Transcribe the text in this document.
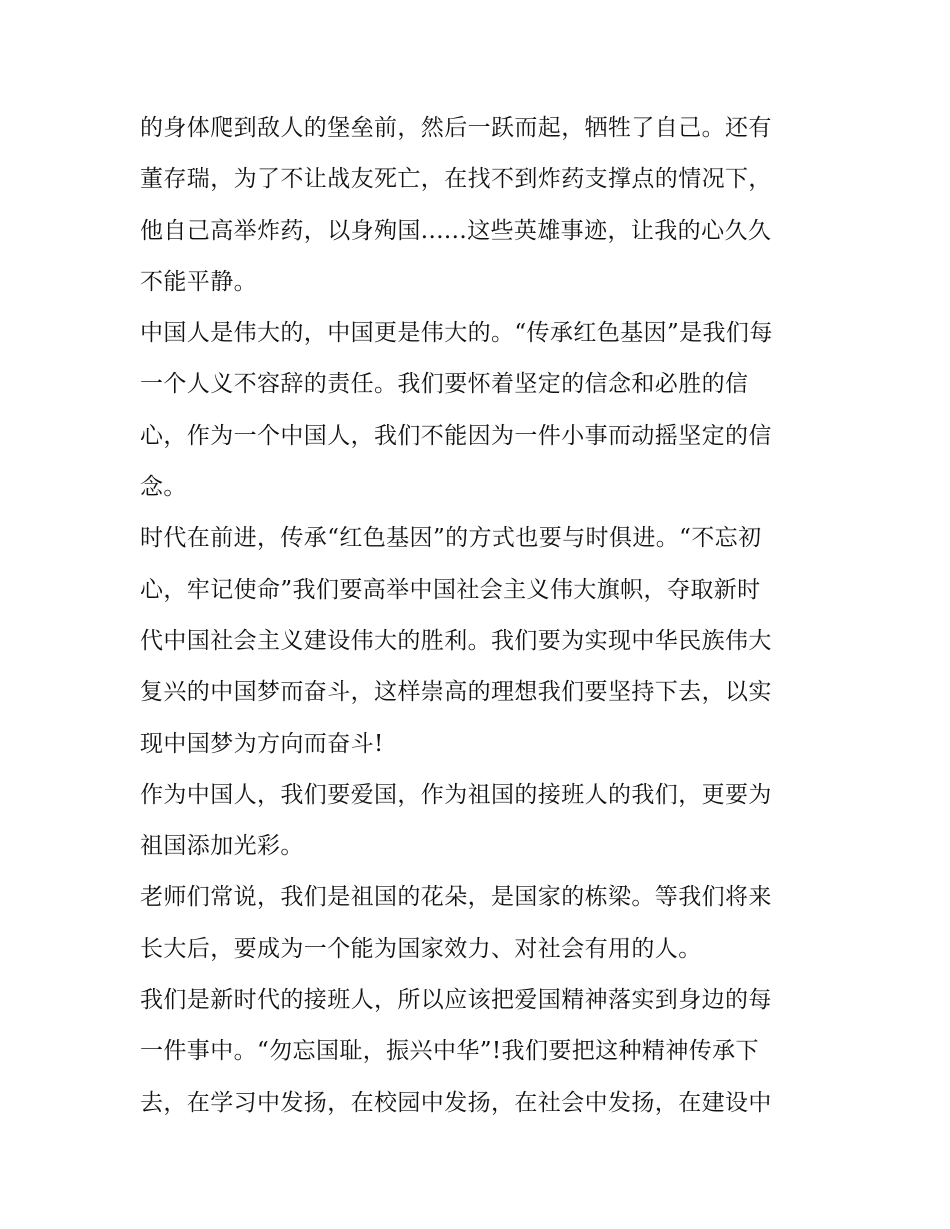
的身体爬到敌人的堡垒前，然后一跃而起，牺牲了自己。还有
董存瑞，为了不让战友死亡，在找不到炸药支撑点的情况下，
他自己高举炸药，以身殉国......这些英雄事迹，让我的心久久
不能平静。
中国人是伟大的，中国更是伟大的。“传承红色基因”是我们每
一个人义不容辞的责任。我们要怀着坚定的信念和必胜的信
心，作为一个中国人，我们不能因为一件小事而动摇坚定的信
念。
时代在前进，传承“红色基因”的方式也要与时俱进。“不忘初
心，牢记使命”我们要高举中国社会主义伟大旗帜，夺取新时
代中国社会主义建设伟大的胜利。我们要为实现中华民族伟大
复兴的中国梦而奋斗，这样崇高的理想我们要坚持下去，以实
现中国梦为方向而奋斗!
作为中国人，我们要爱国，作为祖国的接班人的我们，更要为
祖国添加光彩。
老师们常说，我们是祖国的花朵，是国家的栋梁。等我们将来
长大后，要成为一个能为国家效力、对社会有用的人。
我们是新时代的接班人，所以应该把爱国精神落实到身边的每
一件事中。“勿忘国耻，振兴中华”!我们要把这种精神传承下
去，在学习中发扬，在校园中发扬，在社会中发扬，在建设中
